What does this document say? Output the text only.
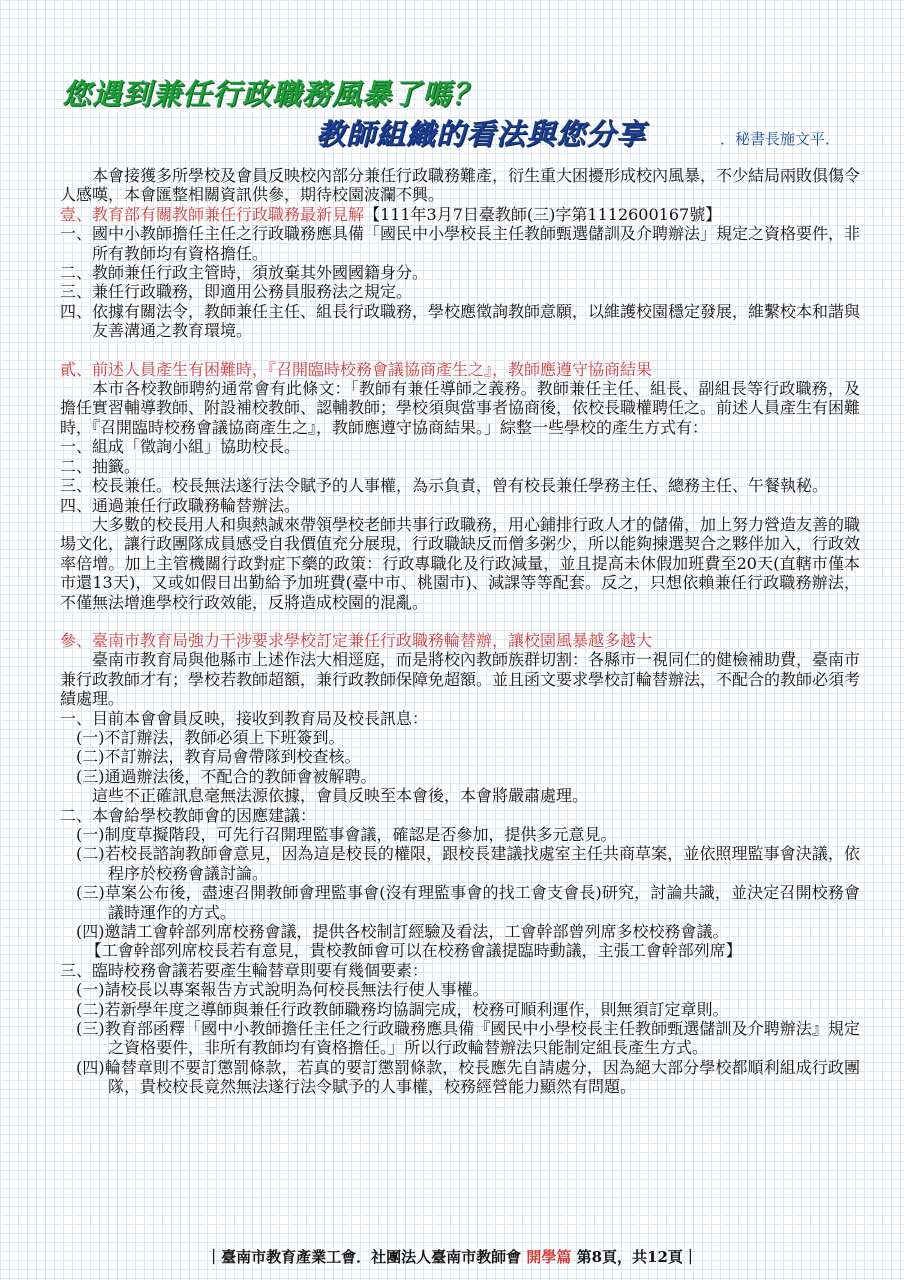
您遇到兼任行政職務風暴了嗎？
教師組織的看法與您分享	．秘書長施文平．

本會接獲多所學校及會員反映校內部分兼任行政職務難產，衍生重大困擾形成校內風暴，不少結局兩敗俱傷令人感嘆，本會匯整相關資訊供參，期待校園波瀾不興。

壹、教育部有關教師兼任行政職務最新見解【111年3月7日臺教師(三)字第1112600167號】

一、國中小教師擔任主任之行政職務應具備「國民中小學校長主任教師甄選儲訓及介聘辦法」規定之資格要件，非所有教師均有資格擔任。

二、教師兼任行政主管時，須放棄其外國國籍身分。

三、兼任行政職務，即適用公務員服務法之規定。

四、依據有關法令，教師兼任主任、組長行政職務，學校應徵詢教師意願，以維護校園穩定發展，維繫校本和諧與友善溝通之教育環境。

貳、前述人員產生有困難時，『召開臨時校務會議協商產生之』，教師應遵守協商結果

本市各校教師聘約通常會有此條文：「教師有兼任導師之義務。教師兼任主任、組長、副組長等行政職務，及擔任實習輔導教師、附設補校教師、認輔教師；學校須與當事者協商後，依校長職權聘任之。前述人員產生有困難時，『召開臨時校務會議協商產生之』，教師應遵守協商結果。」綜整一些學校的產生方式有：

一、組成「徵詢小組」協助校長。

二、抽籤。

三、校長兼任。校長無法遂行法令賦予的人事權，為示負責，曾有校長兼任學務主任、總務主任、午餐執秘。

四、通過兼任行政職務輪替辦法。

大多數的校長用人和與熱誠來帶領學校老師共事行政職務，用心鋪排行政人才的儲備，加上努力營造友善的職場文化，讓行政團隊成員感受自我價值充分展現，行政職缺反而僧多粥少，所以能夠揀選契合之夥伴加入，行政效率倍增。加上主管機關行政對症下藥的政策：行政專職化及行政減量，並且提高未休假加班費至20天(直轄市僅本市還13天)，又或如假日出勤給予加班費(臺中市、桃園市)、減課等等配套。反之，只想依賴兼任行政職務辦法，不僅無法增進學校行政效能，反將造成校園的混亂。

參、臺南市教育局強力干涉要求學校訂定兼任行政職務輪替辦，讓校園風暴越多越大

臺南市教育局與他縣市上述作法大相逕庭，而是將校內教師族群切割：各縣市一視同仁的健檢補助費，臺南市兼行政教師才有；學校若教師超額，兼行政教師保障免超額。並且函文要求學校訂輪替辦法，不配合的教師必須考績處理。

一、目前本會會員反映，接收到教育局及校長訊息：

(一)不訂辦法，教師必須上下班簽到。

(二)不訂辦法，教育局會帶隊到校查核。

(三)通過辦法後，不配合的教師會被解聘。

這些不正確訊息毫無法源依據，會員反映至本會後，本會將嚴肅處理。

二、本會給學校教師會的因應建議：

(一)制度草擬階段，可先行召開理監事會議，確認是否參加，提供多元意見。

(二)若校長諮詢教師會意見，因為這是校長的權限，跟校長建議找處室主任共商草案，並依照理監事會決議，依程序於校務會議討論。

(三)草案公布後，盡速召開教師會理監事會(沒有理監事會的找工會支會長)研究，討論共識，並決定召開校務會議時運作的方式。

(四)邀請工會幹部列席校務會議，提供各校制訂經驗及看法，工會幹部曾列席多校校務會議。

【工會幹部列席校長若有意見，貴校教師會可以在校務會議提臨時動議，主張工會幹部列席】

三、臨時校務會議若要產生輪替章則要有幾個要素：

(一)請校長以專案報告方式說明為何校長無法行使人事權。

(二)若新學年度之導師與兼任行政教師職務均協調完成，校務可順利運作，則無須訂定章則。

(三)教育部函釋「國中小教師擔任主任之行政職務應具備『國民中小學校長主任教師甄選儲訓及介聘辦法』規定之資格要件，非所有教師均有資格擔任。」所以行政輪替辦法只能制定組長產生方式。

(四)輪替章則不要訂懲罰條款，若真的要訂懲罰條款，校長應先自請處分，因為絕大部分學校都順利組成行政團隊，貴校校長竟然無法遂行法令賦予的人事權，校務經營能力顯然有問題。

｜臺南市教育產業工會．社團法人臺南市教師會 開學篇 第8頁，共12頁｜
